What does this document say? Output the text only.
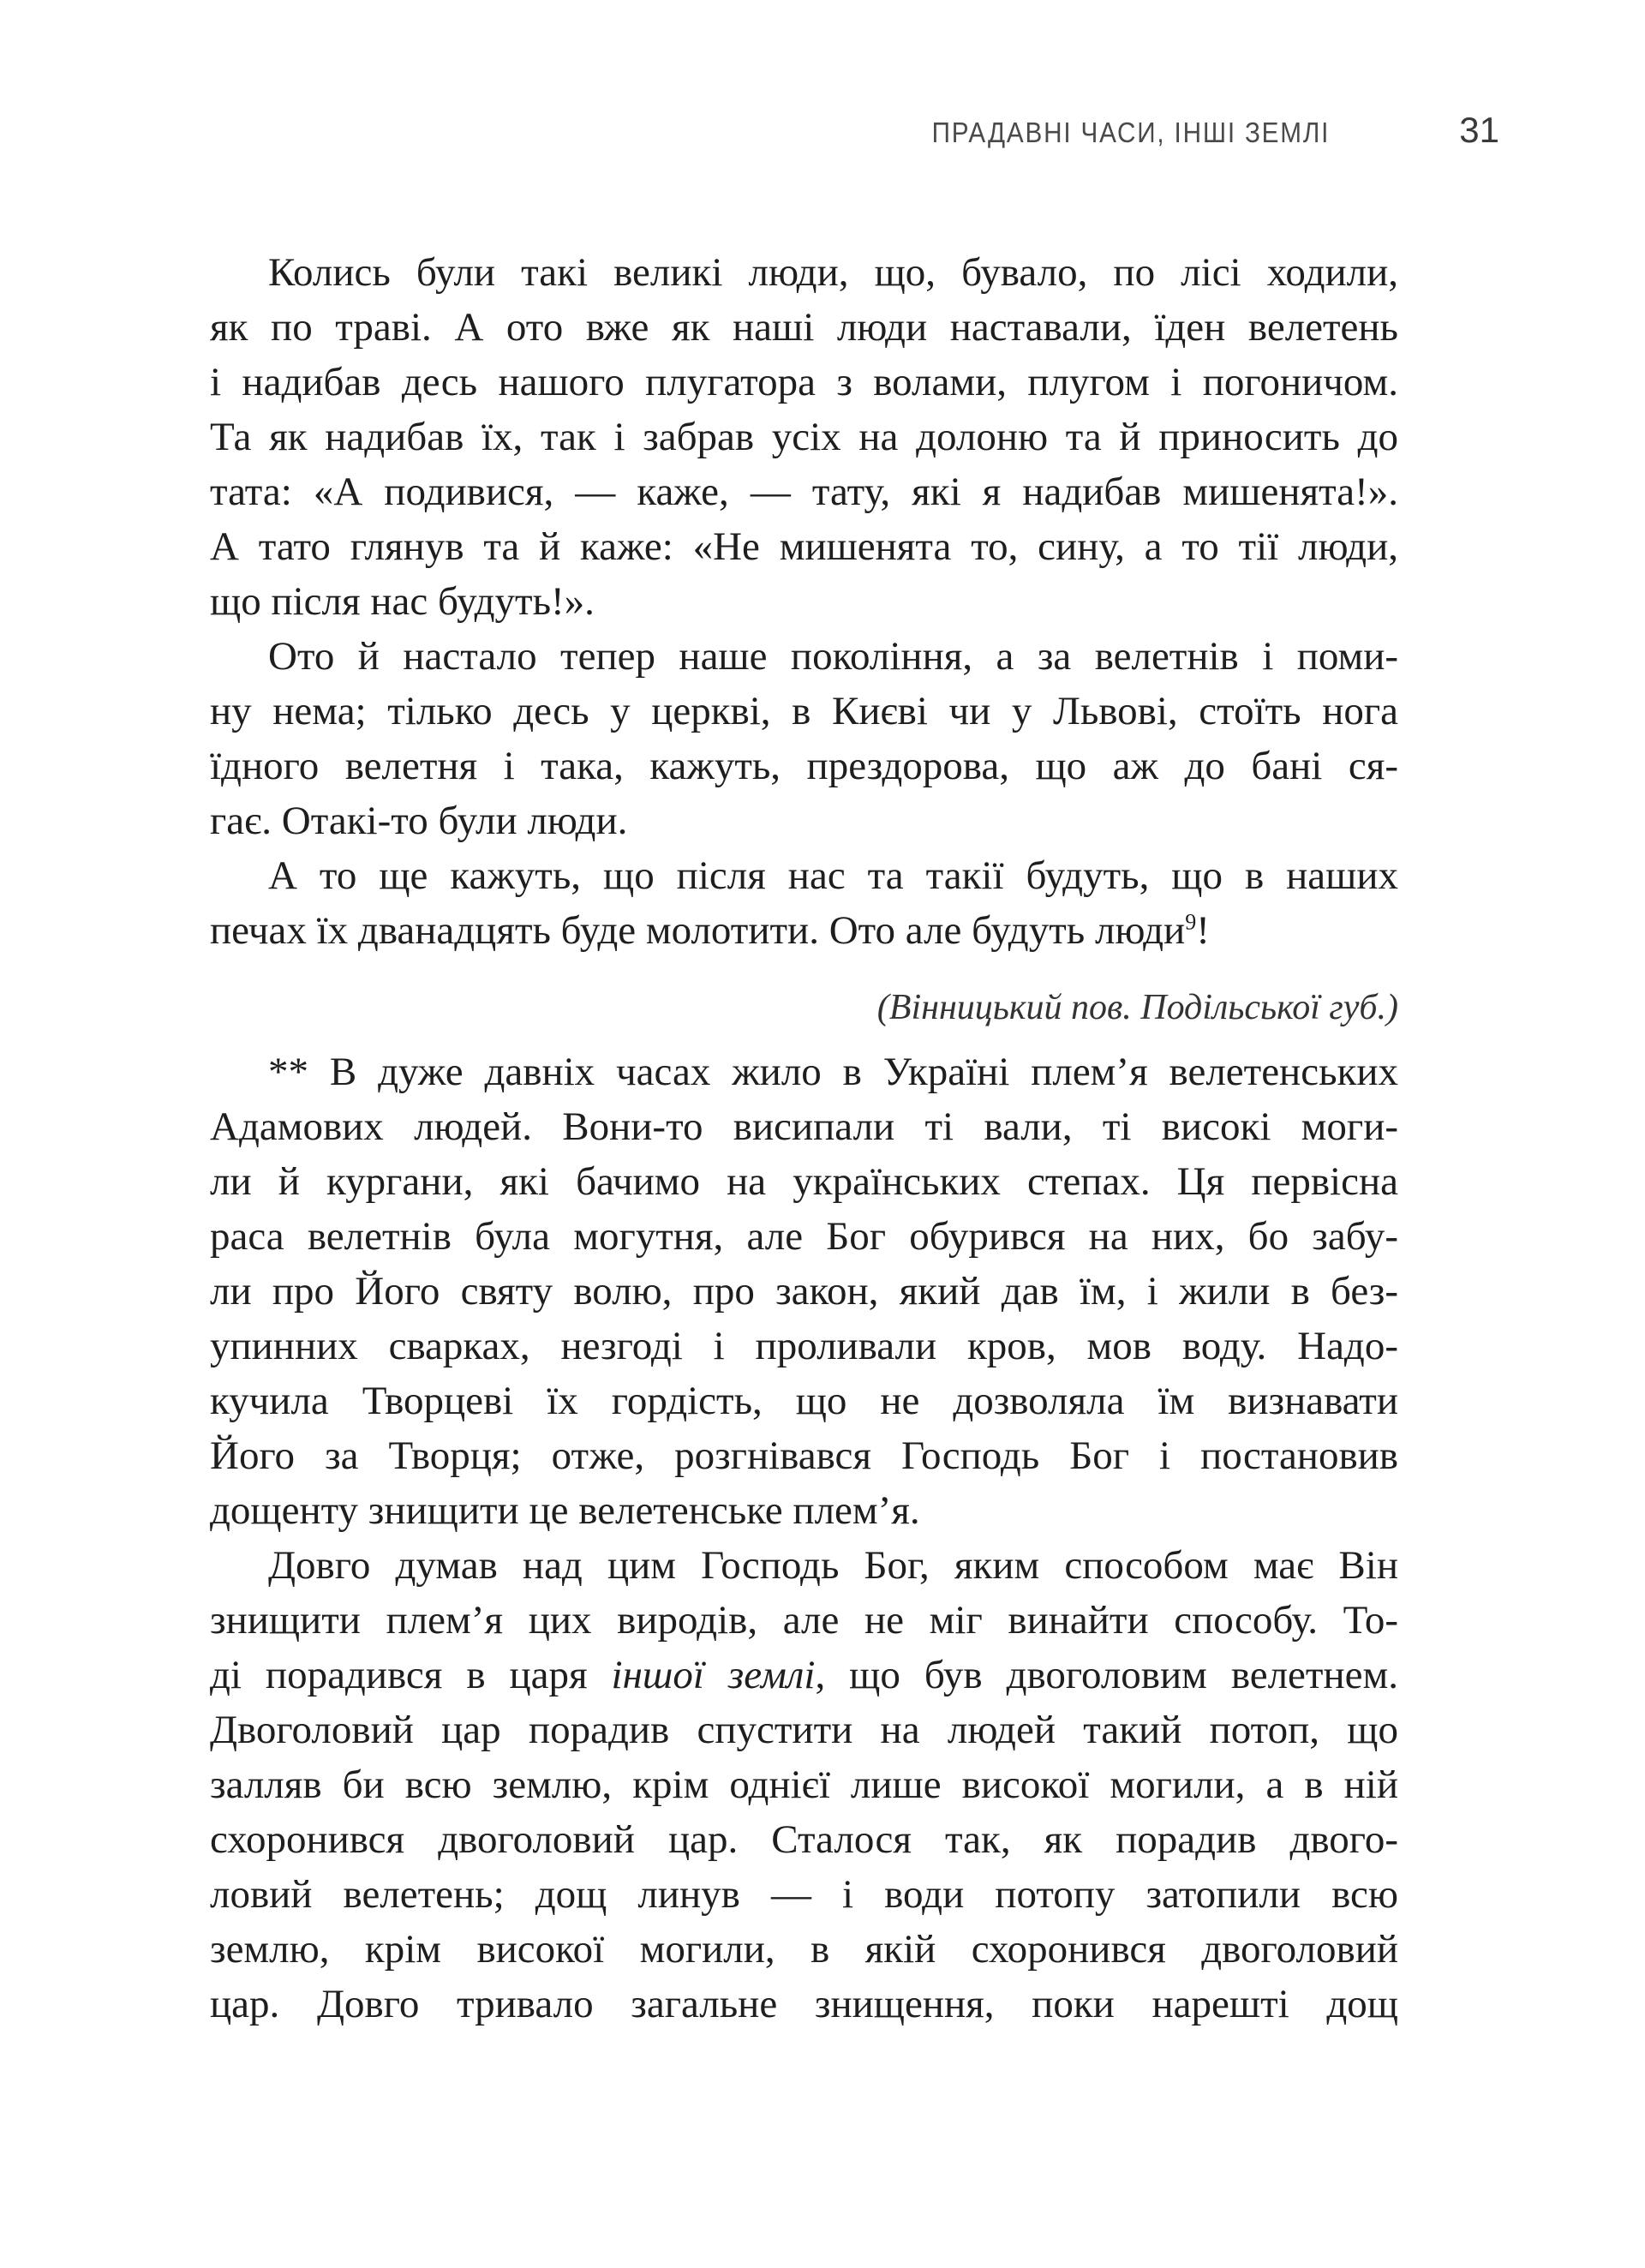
ПРАДАВНІ ЧАСИ, ІНШІ ЗЕМЛІ	31
Колись були такі великі люди, що, бувало, по лісі ходили,
як по траві. А ото вже як наші люди наставали, їден велетень
і надибав десь нашого плугатора з волами, плугом і погоничом.
Та як надибав їх, так і забрав усіх на долоню та й приносить до
тата: «А подивися, — каже, — тату, які я надибав мишенята!».
А тато глянув та й каже: «Не мишенята то, сину, а то тії люди,
що після нас будуть!».
Ото й настало тепер наше покоління, а за велетнів і поми-
ну нема; тілько десь у церкві, в Києві чи у Львові, стоїть нога
їдного велетня і така, кажуть, прездорова, що аж до бані ся-
гає. Отакі-то були люди.
А то ще кажуть, що після нас та такії будуть, що в наших
печах їх дванадцять буде молотити. Ото але будуть люди$^9$!
(Вінницький пов. Подільської губ.)
** В дуже давніх часах жило в Україні плем’я велетенських
Адамових людей. Вони-то висипали ті вали, ті високі моги-
ли й кургани, які бачимо на українських степах. Ця первісна
раса велетнів була могутня, але Бог обурився на них, бо забу-
ли про Його святу волю, про закон, який дав їм, і жили в без-
упинних сварках, незгоді і проливали кров, мов воду. Надо-
кучила Творцеві їх гордість, що не дозволяла їм визнавати
Його за Творця; отже, розгнівався Господь Бог і постановив
дощенту знищити це велетенське плем’я.
Довго думав над цим Господь Бог, яким способом має Він
знищити плем’я цих виродів, але не міг винайти способу. То-
ді порадився в царя іншої землі, що був двоголовим велетнем.
Двоголовий цар порадив спустити на людей такий потоп, що
залляв би всю землю, крім однієї лише високої могили, а в ній
схоронився двоголовий цар. Сталося так, як порадив двого-
ловий велетень; дощ линув — і води потопу затопили всю
землю, крім високої могили, в якій схоронився двоголовий
цар. Довго тривало загальне знищення, поки нарешті дощ
